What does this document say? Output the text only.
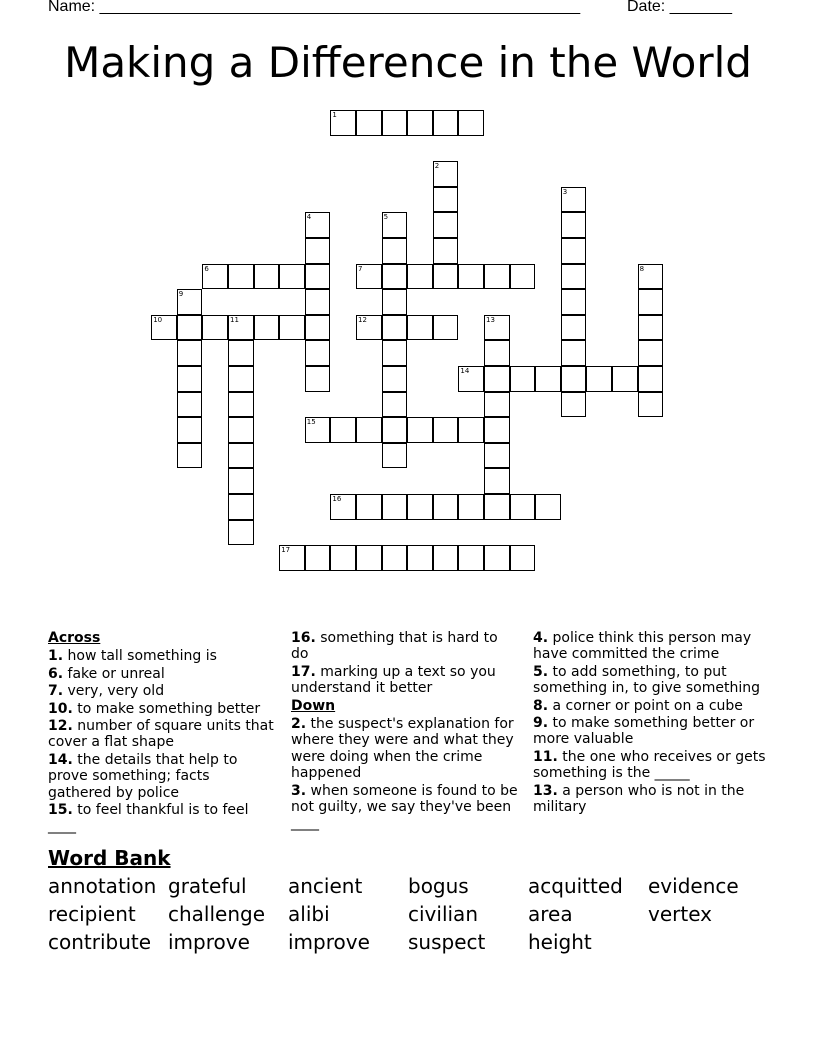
Name: ______________________________________________________	Date: _______
Making a Difference in the World
1
2
3
4	5
6	7	8
9
10	11	12	13
14
15
16
17
Across
1. how tall something is
6. fake or unreal
7. very, very old
10. to make something better
12. number of square units that cover a flat shape
14. the details that help to prove something; facts gathered by police
15. to feel thankful is to feel ____
16. something that is hard to do
17. marking up a text so you understand it better
Down
2. the suspect's explanation for where they were and what they were doing when the crime happened
3. when someone is found to be not guilty, we say they've been ____
4. police think this person may have committed the crime
5. to add something, to put something in, to give something
8. a corner or point on a cube
9. to make something better or more valuable
11. the one who receives or gets something is the _____
13. a person who is not in the military
Word Bank
annotation grateful	ancient	bogus	acquitted	evidence
recipient	challenge	alibi	civilian	area	vertex
contribute improve	improve	suspect	height
